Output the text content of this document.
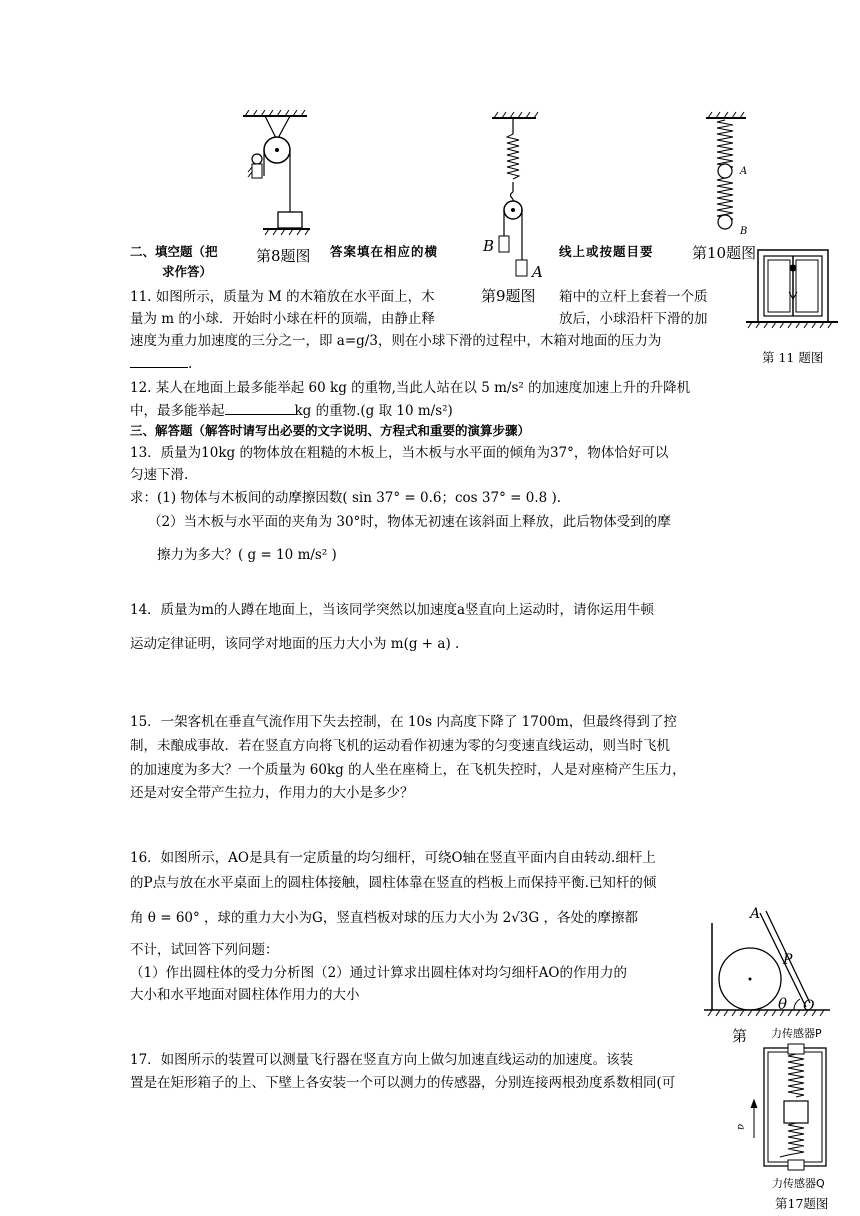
第8题图
B
A
第9题图
A
B
第10题图
第 11 题图
二、填空题（把	答案填在相应的横	线上或按题目要
求作答）
11. 如图所示，质量为 M 的木箱放在水平面上，木	箱中的立杆上套着一个质
量为 m 的小球．开始时小球在杆的顶端，由静止释	放后，小球沿杆下滑的加
速度为重力加速度的三分之一，即 a=g/3，则在小球下滑的过程中，木箱对地面的压力为
.
12. 某人在地面上最多能举起 60 kg 的重物,当此人站在以 5 m/s² 的加速度加速上升的升降机
中，最多能举起	kg 的重物.(g 取 10 m/s²)
三、解答题（解答时请写出必要的文字说明、方程式和重要的演算步骤）
13．质量为10kg 的物体放在粗糙的木板上，当木板与水平面的倾角为37°，物体恰好可以
匀速下滑.
求：(1) 物体与木板间的动摩擦因数( sin 37° = 0.6；cos 37° = 0.8 ).
（2）当木板与水平面的夹角为 30°时，物体无初速在该斜面上释放，此后物体受到的摩
擦力为多大？( g = 10 m/s² )
14．质量为m的人蹲在地面上，当该同学突然以加速度a竖直向上运动时，请你运用牛顿
运动定律证明，该同学对地面的压力大小为 m(g + a) .
15．一架客机在垂直气流作用下失去控制，在 10s 内高度下降了 1700m，但最终得到了控
制，未酿成事故．若在竖直方向将飞机的运动看作初速为零的匀变速直线运动，则当时飞机
的加速度为多大？一个质量为 60kg 的人坐在座椅上，在飞机失控时，人是对座椅产生压力，
还是对安全带产生拉力，作用力的大小是多少？
16．如图所示，AO是具有一定质量的均匀细杆，可绕O轴在竖直平面内自由转动.细杆上
的P点与放在水平桌面上的圆柱体接触，圆柱体靠在竖直的档板上而保持平衡.已知杆的倾
角 θ = 60° ，球的重力大小为G，竖直档板对球的压力大小为 2√3G ，各处的摩擦都
不计，试回答下列问题：
（1）作出圆柱体的受力分析图（2）通过计算求出圆柱体对均匀细杆AO的作用力的
大小和水平地面对圆柱体作用力的大小
A
P
θ O
第
17．如图所示的装置可以测量飞行器在竖直方向上做匀加速直线运动的加速度。该装
置是在矩形箱子的上、下壁上各安装一个可以测力的传感器，分别连接两根劲度系数相同(可
力传感器P
a
力传感器Q
第17题图
